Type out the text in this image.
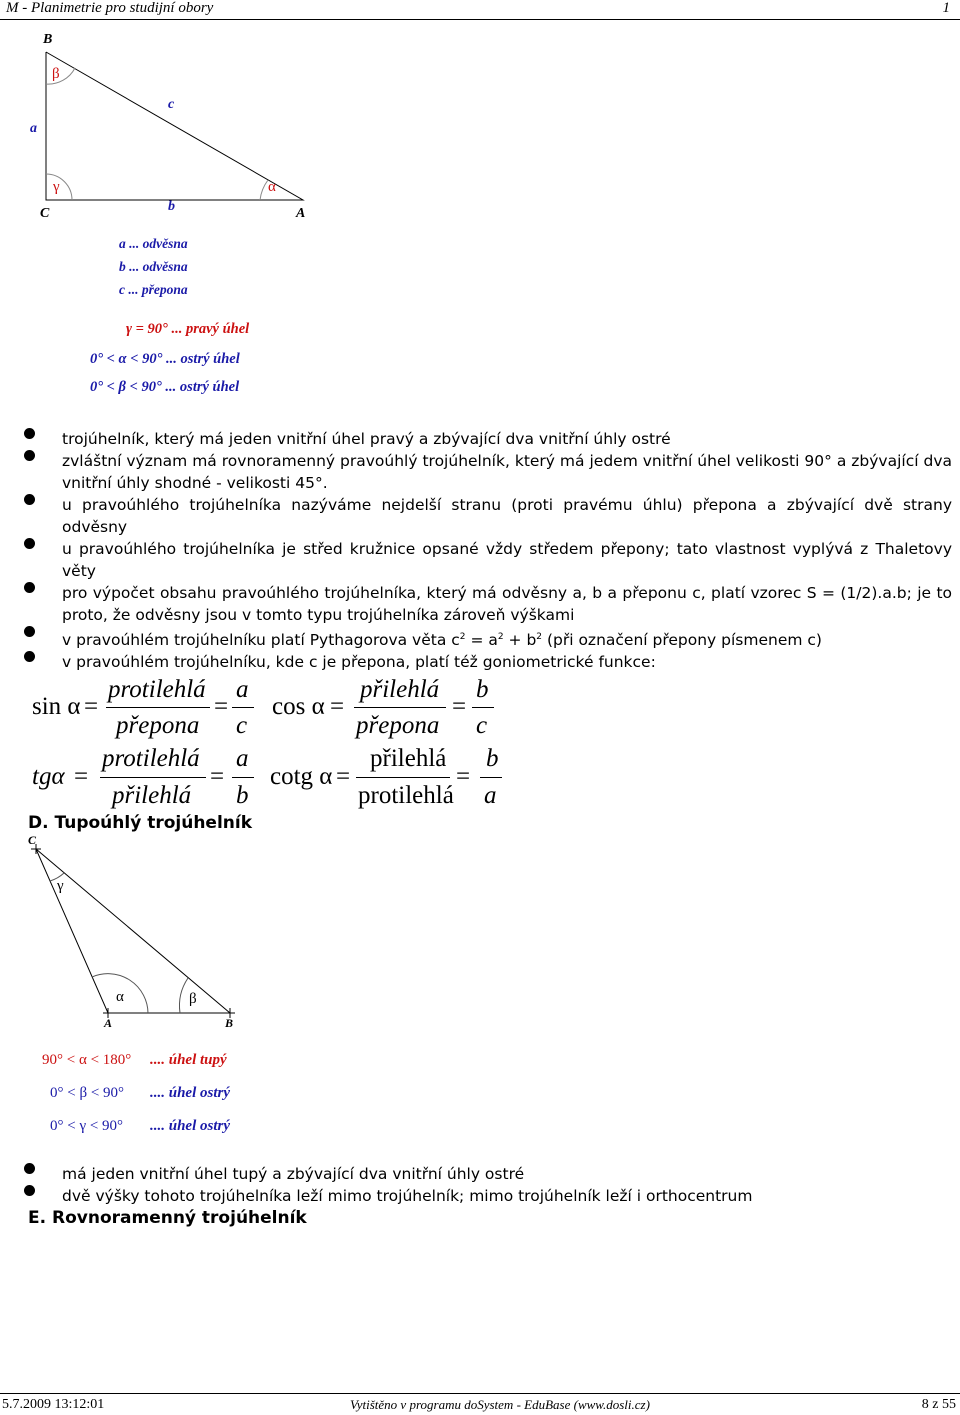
M - Planimetrie pro studijní obory	1
B
C	A
a
b
c
β
γ	α
a ... odvěsna
b ... odvěsna
c ... přepona
γ = 90° ... pravý úhel
0° < α < 90° ... ostrý úhel
0° < β < 90° ... ostrý úhel
trojúhelník, který má jeden vnitřní úhel pravý a zbývající dva vnitřní úhly ostré
zvláštní význam má rovnoramenný pravoúhlý trojúhelník, který má jedem vnitřní úhel velikosti 90° a zbývající dva vnitřní úhly shodné - velikosti 45°.
u pravoúhlého trojúhelníka nazýváme nejdelší stranu (proti pravému úhlu) přepona a zbývající dvě strany odvěsny
u pravoúhlého trojúhelníka je střed kružnice opsané vždy středem přepony; tato vlastnost vyplývá z Thaletovy věty
pro výpočet obsahu pravoúhlého trojúhelníka, který má odvěsny a, b a přeponu c, platí vzorec S = (1/2).a.b; je to proto, že odvěsny jsou v tomto typu trojúhelníka zároveň výškami
v pravoúhlém trojúhelníku platí Pythagorova věta $c^2 = a^2 + b^2$ (při označení přepony písmenem c)
v pravoúhlém trojúhelníku, kde c je přepona, platí též goniometrické funkce:
sin α =
protilehlá
přepona
=
a
c
cos α =
přilehlá
přepona
=
b
c
tgα =
protilehlá
přilehlá
=
a
b
cotg α =
přilehlá
protilehlá
=
b
a
D. Tupoúhlý trojúhelník
C
A	B
γ
α	β
90° < α < 180° .... úhel tupý
0° < β < 90° .... úhel ostrý
0° < γ < 90° .... úhel ostrý
má jeden vnitřní úhel tupý a zbývající dva vnitřní úhly ostré
dvě výšky tohoto trojúhelníka leží mimo trojúhelník; mimo trojúhelník leží i orthocentrum
E. Rovnoramenný trojúhelník
5.7.2009 13:12:01	Vytištěno v programu doSystem - EduBase (www.dosli.cz)	8 z 55
